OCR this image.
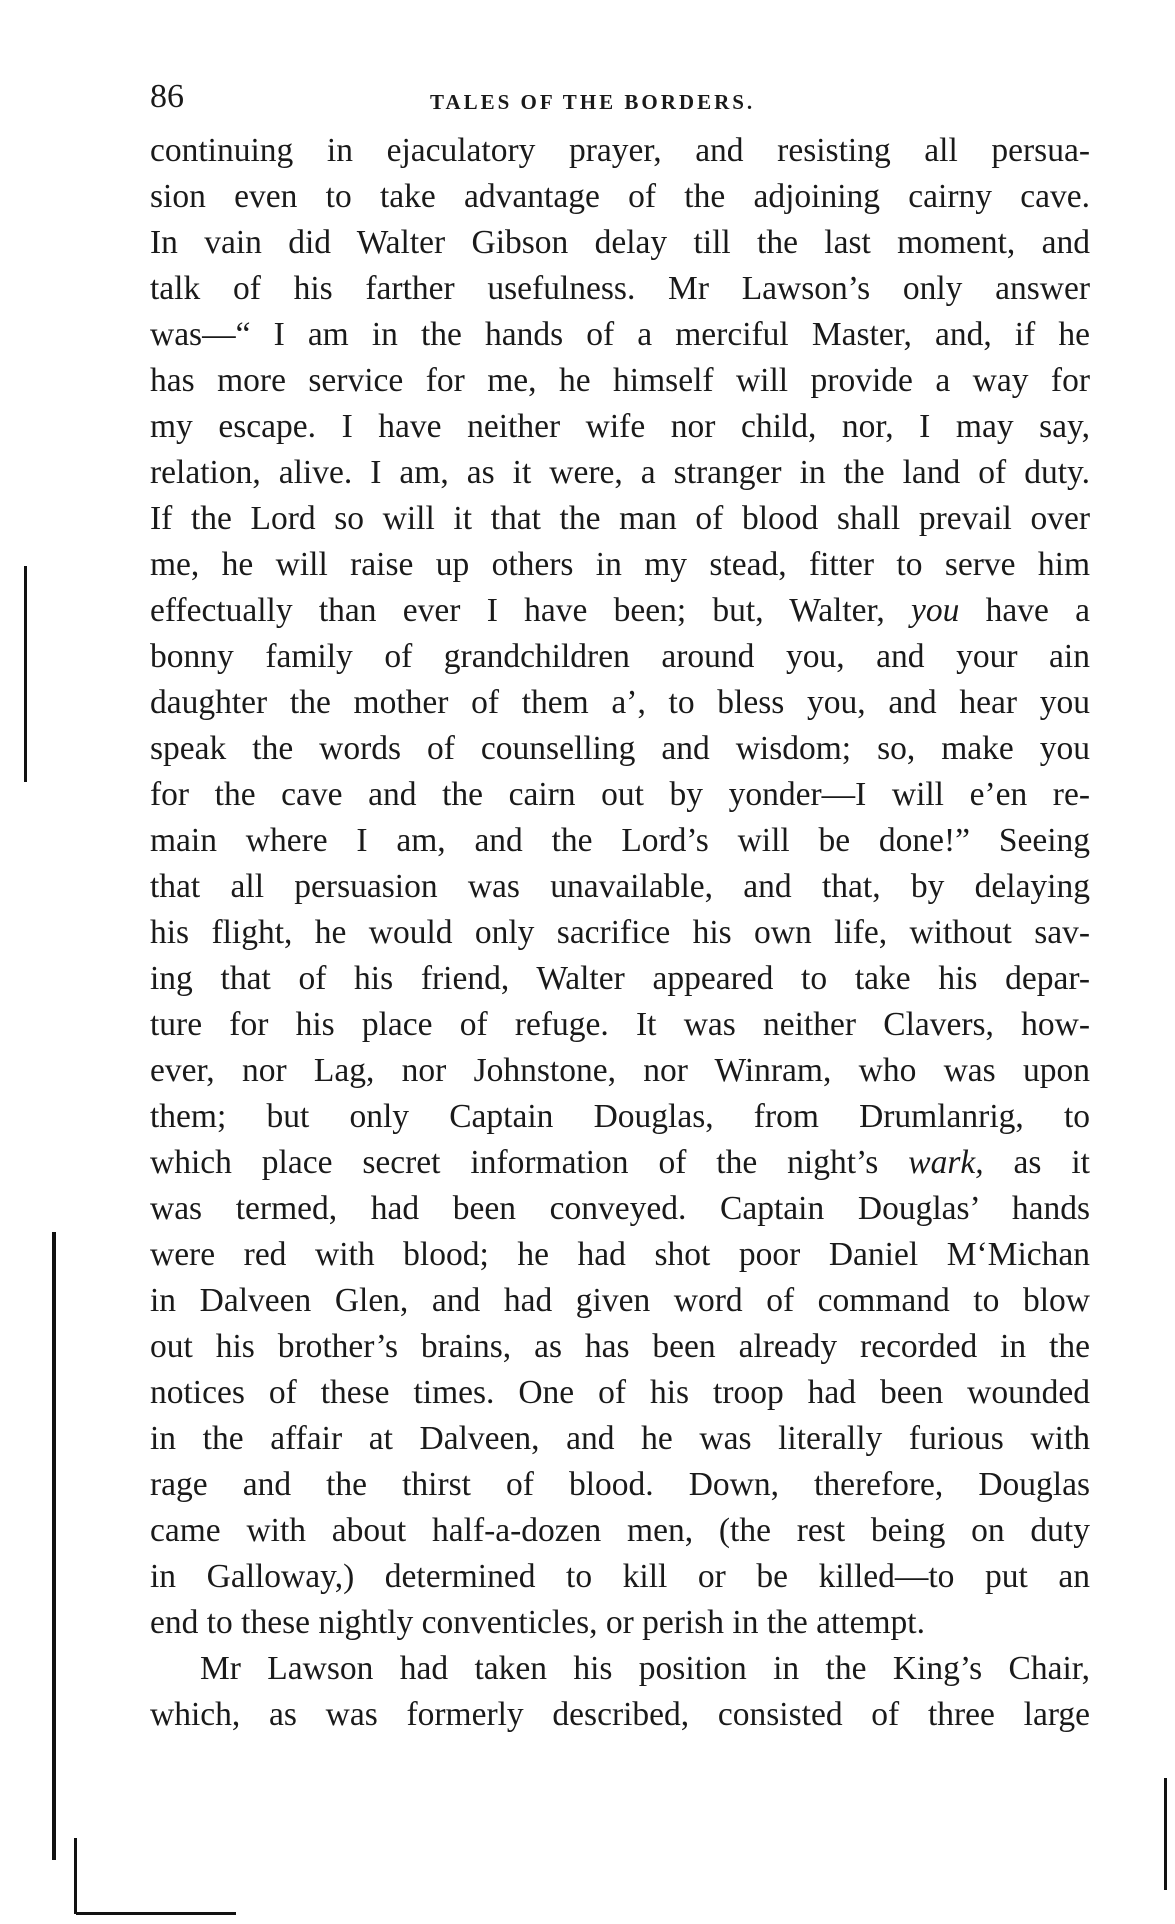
86	TALES OF THE BORDERS.
continuing in ejaculatory prayer, and resisting all persua-
sion even to take advantage of the adjoining cairny cave.
In vain did Walter Gibson delay till the last moment, and
talk of his farther usefulness. Mr Lawson’s only answer
was—“ I am in the hands of a merciful Master, and, if he
has more service for me, he himself will provide a way for
my escape. I have neither wife nor child, nor, I may say,
relation, alive. I am, as it were, a stranger in the land of duty.
If the Lord so will it that the man of blood shall prevail over
me, he will raise up others in my stead, fitter to serve him
effectually than ever I have been; but, Walter, you have a
bonny family of grandchildren around you, and your ain
daughter the mother of them a’, to bless you, and hear you
speak the words of counselling and wisdom; so, make you
for the cave and the cairn out by yonder—I will e’en re-
main where I am, and the Lord’s will be done!” Seeing
that all persuasion was unavailable, and that, by delaying
his flight, he would only sacrifice his own life, without sav-
ing that of his friend, Walter appeared to take his depar-
ture for his place of refuge. It was neither Clavers, how-
ever, nor Lag, nor Johnstone, nor Winram, who was upon
them; but only Captain Douglas, from Drumlanrig, to
which place secret information of the night’s wark, as it
was termed, had been conveyed. Captain Douglas’ hands
were red with blood; he had shot poor Daniel M‘Michan
in Dalveen Glen, and had given word of command to blow
out his brother’s brains, as has been already recorded in the
notices of these times. One of his troop had been wounded
in the affair at Dalveen, and he was literally furious with
rage and the thirst of blood. Down, therefore, Douglas
came with about half-a-dozen men, (the rest being on duty
in Galloway,) determined to kill or be killed—to put an
end to these nightly conventicles, or perish in the attempt.
Mr Lawson had taken his position in the King’s Chair,
which, as was formerly described, consisted of three large
